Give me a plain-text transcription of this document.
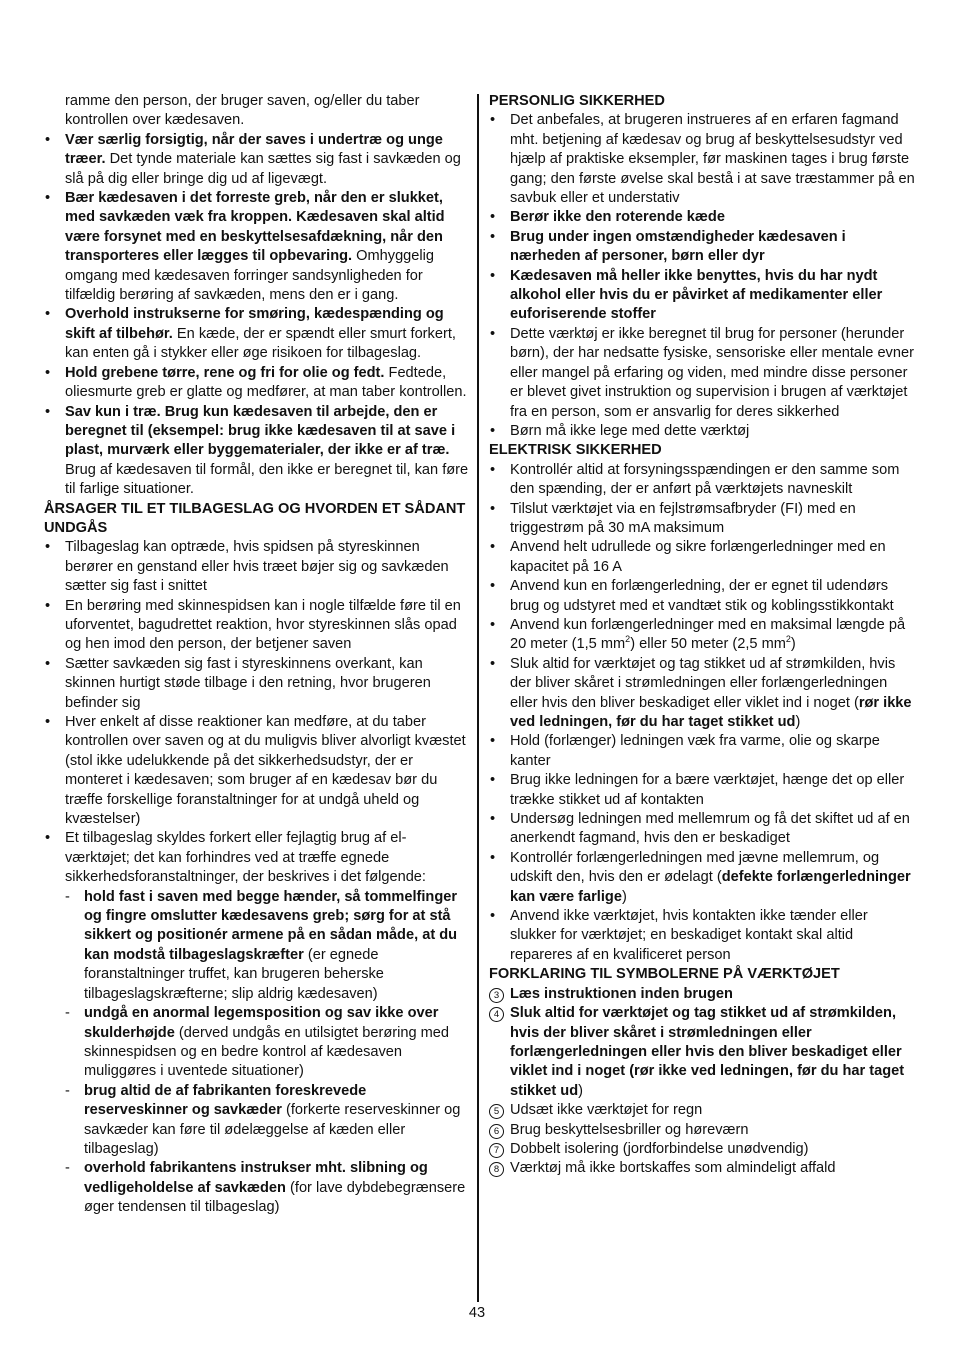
ramme den person, der bruger saven, og/eller du taber kontrollen over kædesaven.

• Vær særlig forsigtig, når der saves i undertræ og unge træer. Det tynde materiale kan sættes sig fast i savkæden og slå på dig eller bringe dig ud af ligevægt.
• Bær kædesaven i det forreste greb, når den er slukket, med savkæden væk fra kroppen. Kædesaven skal altid være forsynet med en beskyttelsesafdækning, når den transporteres eller lægges til opbevaring. Omhyggelig omgang med kædesaven forringer sandsynligheden for tilfældig berøring af savkæden, mens den er i gang.
• Overhold instrukserne for smøring, kædespænding og skift af tilbehør. En kæde, der er spændt eller smurt forkert, kan enten gå i stykker eller øge risikoen for tilbageslag.
• Hold grebene tørre, rene og fri for olie og fedt. Fedtede, oliesmurte greb er glatte og medfører, at man taber kontrollen.
• Sav kun i træ. Brug kun kædesaven til arbejde, den er beregnet til (eksempel: brug ikke kædesaven til at save i plast, murværk eller byggematerialer, der ikke er af træ. Brug af kædesaven til formål, den ikke er beregnet til, kan føre til farlige situationer.

ÅRSAGER TIL ET TILBAGESLAG OG HVORDEN ET SÅDANT UNDGÅS

• Tilbageslag kan optræde, hvis spidsen på styreskinnen berører en genstand eller hvis træet bøjer sig og savkæden sætter sig fast i snittet
• En berøring med skinnespidsen kan i nogle tilfælde føre til en uforventet, bagudrettet reaktion, hvor styreskinnen slås opad og hen imod den person, der betjener saven
• Sætter savkæden sig fast i styreskinnens overkant, kan skinnen hurtigt støde tilbage i den retning, hvor brugeren befinder sig
• Hver enkelt af disse reaktioner kan medføre, at du taber kontrollen over saven og at du muligvis bliver alvorligt kvæstet (stol ikke udelukkende på det sikkerhedsudstyr, der er monteret i kædesaven; som bruger af en kædesav bør du træffe forskellige foranstaltninger for at undgå uheld og kvæstelser)
• Et tilbageslag skyldes forkert eller fejlagtig brug af el-værktøjet; det kan forhindres ved at træffe egnede sikkerhedsforanstaltninger, der beskrives i det følgende:
- hold fast i saven med begge hænder, så tommelfinger og fingre omslutter kædesavens greb; sørg for at stå sikkert og positionér armene på en sådan måde, at du kan modstå tilbageslagskræfter (er egnede foranstaltninger truffet, kan brugeren beherske tilbageslagskræfterne; slip aldrig kædesaven)
- undgå en anormal legemsposition og sav ikke over skulderhøjde (derved undgås en utilsigtet berøring med skinnespidsen og en bedre kontrol af kædesaven muliggøres i uventede situationer)
- brug altid de af fabrikanten foreskrevede reserveskinner og savkæder (forkerte reserveskinner og savkæder kan føre til ødelæggelse af kæden eller tilbageslag)
- overhold fabrikantens instrukser mht. slibning og vedligeholdelse af savkæden (for lave dybdebegrænsere øger tendensen til tilbageslag)

PERSONLIG SIKKERHED

• Det anbefales, at brugeren instrueres af en erfaren fagmand mht. betjening af kædesav og brug af beskyttelsesudstyr ved hjælp af praktiske eksempler, før maskinen tages i brug første gang; den første øvelse skal bestå i at save træstammer på en savbuk eller et understativ
• Berør ikke den roterende kæde
• Brug under ingen omstændigheder kædesaven i nærheden af personer, børn eller dyr
• Kædesaven må heller ikke benyttes, hvis du har nydt alkohol eller hvis du er påvirket af medikamenter eller euforiserende stoffer
• Dette værktøj er ikke beregnet til brug for personer (herunder børn), der har nedsatte fysiske, sensoriske eller mentale evner eller mangel på erfaring og viden, med mindre disse personer er blevet givet instruktion og supervision i brugen af værktøjet fra en person, som er ansvarlig for deres sikkerhed
• Børn må ikke lege med dette værktøj

ELEKTRISK SIKKERHED

• Kontrollér altid at forsyningsspændingen er den samme som den spænding, der er anført på værktøjets navneskilt
• Tilslut værktøjet via en fejlstrømsafbryder (FI) med en triggestrøm på 30 mA maksimum
• Anvend helt udrullede og sikre forlængerledninger med en kapacitet på 16 A
• Anvend kun en forlængerledning, der er egnet til udendørs brug og udstyret med et vandtæt stik og koblingsstikkontakt
• Anvend kun forlængerledninger med en maksimal længde på 20 meter (1,5 $mm^2$) eller 50 meter (2,5 $mm^2$)
• Sluk altid for værktøjet og tag stikket ud af strømkilden, hvis der bliver skåret i strømledningen eller forlængerledningen eller hvis den bliver beskadiget eller viklet ind i noget (rør ikke ved ledningen, før du har taget stikket ud)
• Hold (forlænger) ledningen væk fra varme, olie og skarpe kanter
• Brug ikke ledningen for a bære værktøjet, hænge det op eller trække stikket ud af kontakten
• Undersøg ledningen med mellemrum og få det skiftet ud af en anerkendt fagmand, hvis den er beskadiget
• Kontrollér forlængerledningen med jævne mellemrum, og udskift den, hvis den er ødelagt (defekte forlængerledninger kan være farlige)
• Anvend ikke værktøjet, hvis kontakten ikke tænder eller slukker for værktøjet; en beskadiget kontakt skal altid repareres af en kvalificeret person

FORKLARING TIL SYMBOLERNE PÅ VÆRKTØJET

3 Læs instruktionen inden brugen
4 Sluk altid for værktøjet og tag stikket ud af strømkilden, hvis der bliver skåret i strømledningen eller forlængerledningen eller hvis den bliver beskadiget eller viklet ind i noget (rør ikke ved ledningen, før du har taget stikket ud)
5 Udsæt ikke værktøjet for regn
6 Brug beskyttelsesbriller og høreværn
7 Dobbelt isolering (jordforbindelse unødvendig)
8 Værktøj må ikke bortskaffes som almindeligt affald
43
